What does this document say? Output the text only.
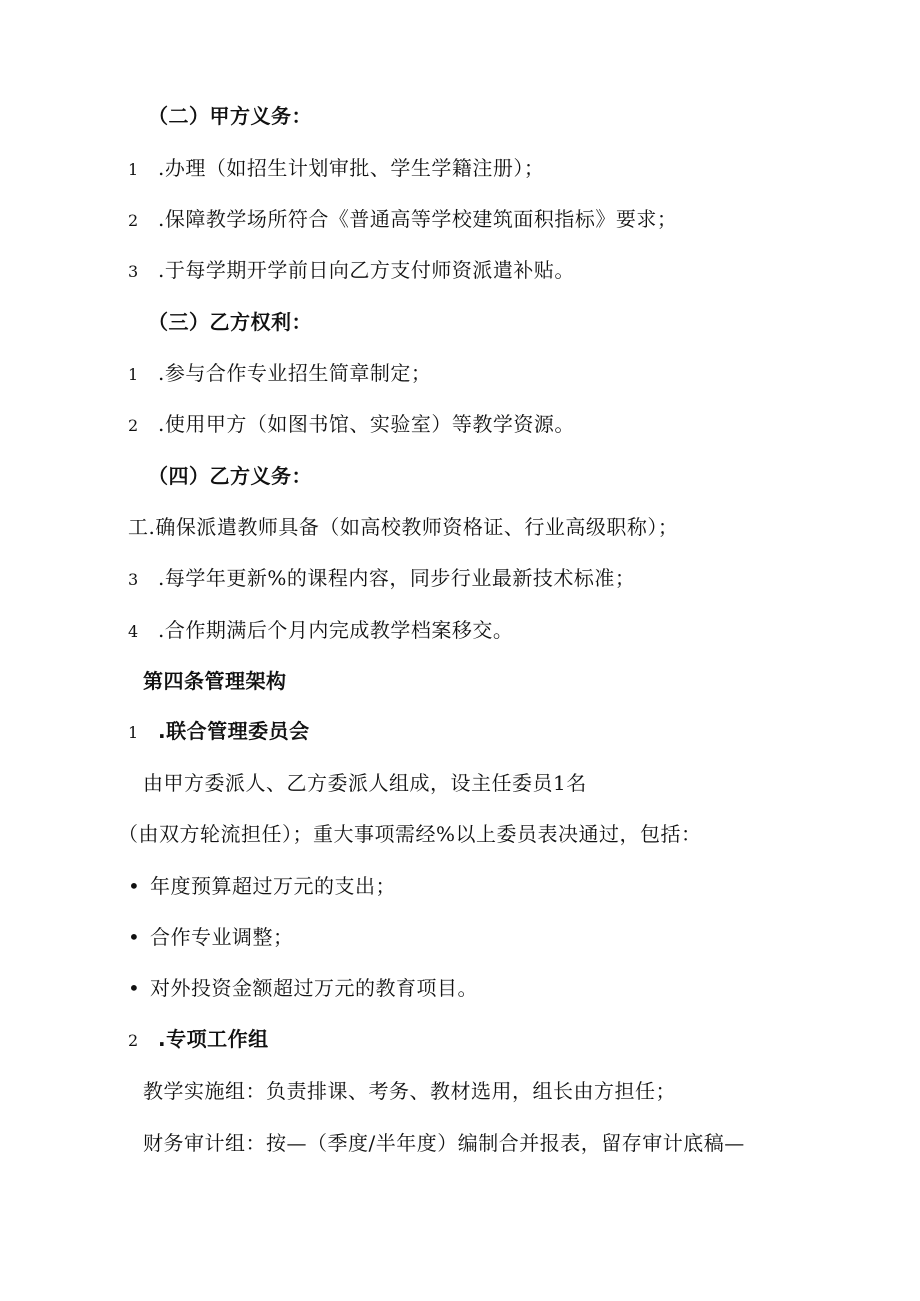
（二）甲方义务：
1 .办理（如招生计划审批、学生学籍注册）；
2 .保障教学场所符合《普通高等学校建筑面积指标》要求；
3 .于每学期开学前日向乙方支付师资派遣补贴。
（三）乙方权利：
1 .参与合作专业招生简章制定；
2 .使用甲方（如图书馆、实验室）等教学资源。
（四）乙方义务：
工.确保派遣教师具备（如高校教师资格证、行业高级职称）；
3 .每学年更新%的课程内容，同步行业最新技术标准；
4 .合作期满后个月内完成教学档案移交。
第四条管理架构
1 .联合管理委员会
由甲方委派人、乙方委派人组成，设主任委员1名
（由双方轮流担任）；重大事项需经%以上委员表决通过，包括：
• 年度预算超过万元的支出；
• 合作专业调整；
• 对外投资金额超过万元的教育项目。
2 .专项工作组
教学实施组：负责排课、考务、教材选用，组长由方担任；
财务审计组：按—（季度/半年度）编制合并报表，留存审计底稿—
